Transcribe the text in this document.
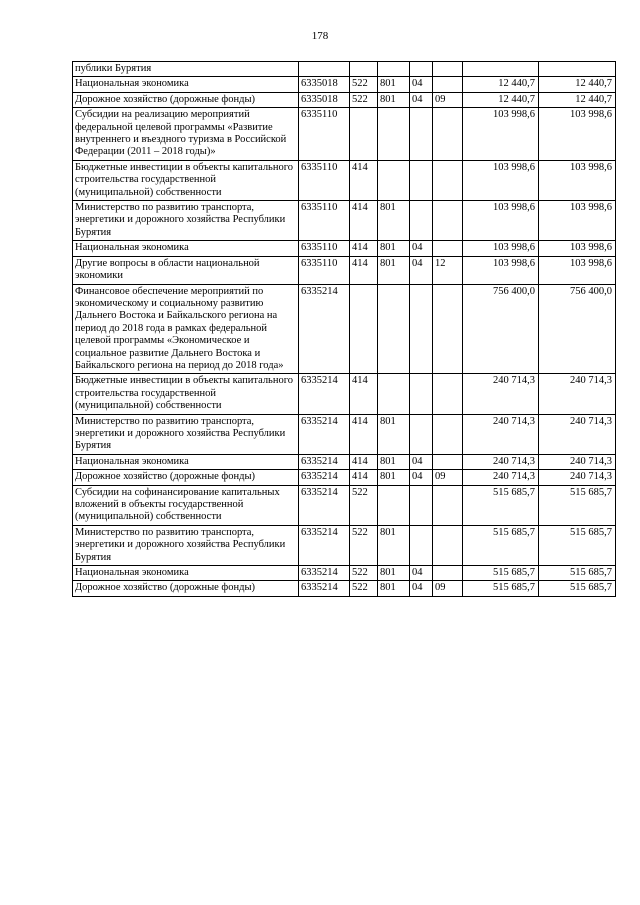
178
публики Бурятия							
Национальная экономика	6335018	522	801	04		12 440,7	12 440,7
Дорожное хозяйство (дорожные фонды)	6335018	522	801	04	09	12 440,7	12 440,7
Субсидии на реализацию мероприятий федеральной целевой программы «Развитие внутреннего и въездного туризма в Российской Федерации (2011 – 2018 годы)»	6335110					103 998,6	103 998,6
Бюджетные инвестиции в объекты капитального строительства государственной (муниципальной) собственности	6335110	414				103 998,6	103 998,6
Министерство по развитию транспорта, энергетики и дорожного хозяйства Республики Бурятия	6335110	414	801			103 998,6	103 998,6
Национальная экономика	6335110	414	801	04		103 998,6	103 998,6
Другие вопросы в области национальной экономики	6335110	414	801	04	12	103 998,6	103 998,6
Финансовое обеспечение мероприятий по экономическому и социальному развитию Дальнего Востока и Байкальского региона на период до 2018 года в рамках федеральной целевой программы «Экономическое и социальное развитие Дальнего Востока и Байкальского региона на период до 2018 года»	6335214					756 400,0	756 400,0
Бюджетные инвестиции в объекты капитального строительства государственной (муниципальной) собственности	6335214	414				240 714,3	240 714,3
Министерство по развитию транспорта, энергетики и дорожного хозяйства Республики Бурятия	6335214	414	801			240 714,3	240 714,3
Национальная экономика	6335214	414	801	04		240 714,3	240 714,3
Дорожное хозяйство (дорожные фонды)	6335214	414	801	04	09	240 714,3	240 714,3
Субсидии на софинансирование капитальных вложений в объекты государственной (муниципальной) собственности	6335214	522				515 685,7	515 685,7
Министерство по развитию транспорта, энергетики и дорожного хозяйства Республики Бурятия	6335214	522	801			515 685,7	515 685,7
Национальная экономика	6335214	522	801	04		515 685,7	515 685,7
Дорожное хозяйство (дорожные фонды)	6335214	522	801	04	09	515 685,7	515 685,7
